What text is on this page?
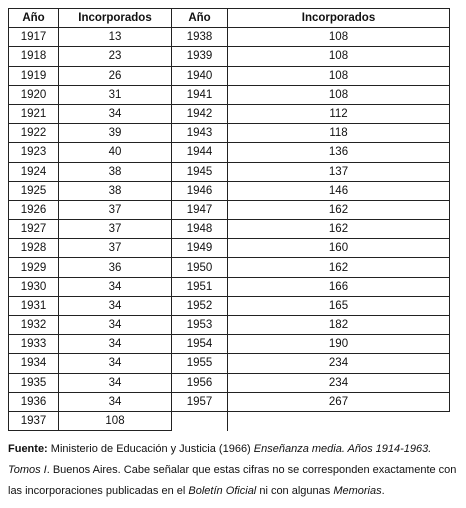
Año	Incorporados	Año	Incorporados
1917	13	1938	108
1918	23	1939	108
1919	26	1940	108
1920	31	1941	108
1921	34	1942	112
1922	39	1943	118
1923	40	1944	136
1924	38	1945	137
1925	38	1946	146
1926	37	1947	162
1927	37	1948	162
1928	37	1949	160
1929	36	1950	162
1930	34	1951	166
1931	34	1952	165
1932	34	1953	182
1933	34	1954	190
1934	34	1955	234
1935	34	1956	234
1936	34	1957	267
1937	108		
Fuente: Ministerio de Educación y Justicia (1966) Enseñanza media. Años 1914-1963. Tomos I. Buenos Aires. Cabe señalar que estas cifras no se corresponden exactamente con las incorporaciones publicadas en el Boletín Oficial ni con algunas Memorias.
